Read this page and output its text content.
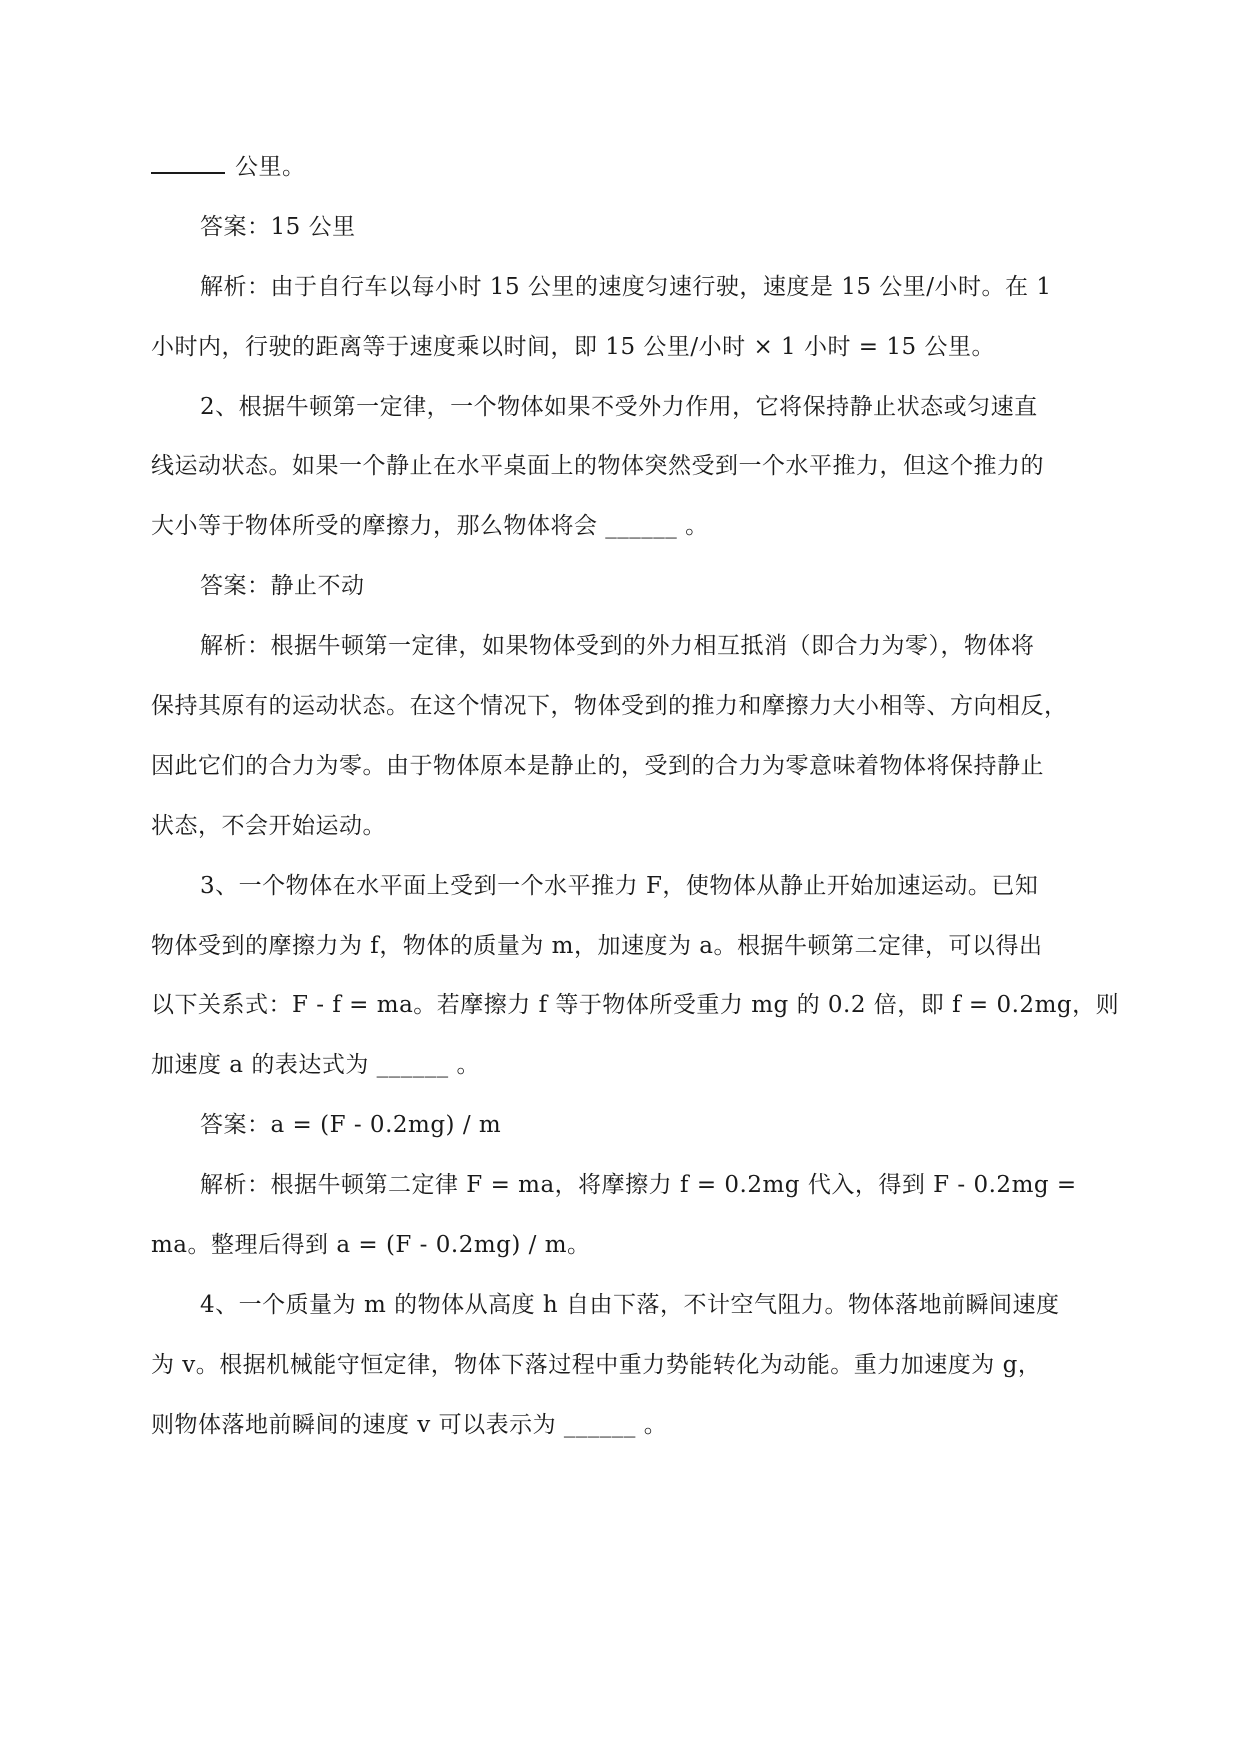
公里。
答案：15 公里
解析：由于自行车以每小时 15 公里的速度匀速行驶，速度是 15 公里/小时。在 1
小时内，行驶的距离等于速度乘以时间，即 15 公里/小时 × 1 小时 = 15 公里。
2、根据牛顿第一定律，一个物体如果不受外力作用，它将保持静止状态或匀速直
线运动状态。如果一个静止在水平桌面上的物体突然受到一个水平推力，但这个推力的
大小等于物体所受的摩擦力，那么物体将会 ______ 。
答案：静止不动
解析：根据牛顿第一定律，如果物体受到的外力相互抵消（即合力为零），物体将
保持其原有的运动状态。在这个情况下，物体受到的推力和摩擦力大小相等、方向相反，
因此它们的合力为零。由于物体原本是静止的，受到的合力为零意味着物体将保持静止
状态，不会开始运动。
3、一个物体在水平面上受到一个水平推力 F，使物体从静止开始加速运动。已知
物体受到的摩擦力为 f，物体的质量为 m，加速度为 a。根据牛顿第二定律，可以得出
以下关系式：F - f = ma。若摩擦力 f 等于物体所受重力 mg 的 0.2 倍，即 f = 0.2mg，则
加速度 a 的表达式为 ______ 。
答案：a = (F - 0.2mg) / m
解析：根据牛顿第二定律 F = ma，将摩擦力 f = 0.2mg 代入，得到 F - 0.2mg =
ma。整理后得到 a = (F - 0.2mg) / m。
4、一个质量为 m 的物体从高度 h 自由下落，不计空气阻力。物体落地前瞬间速度
为 v。根据机械能守恒定律，物体下落过程中重力势能转化为动能。重力加速度为 g，
则物体落地前瞬间的速度 v 可以表示为 ______ 。
